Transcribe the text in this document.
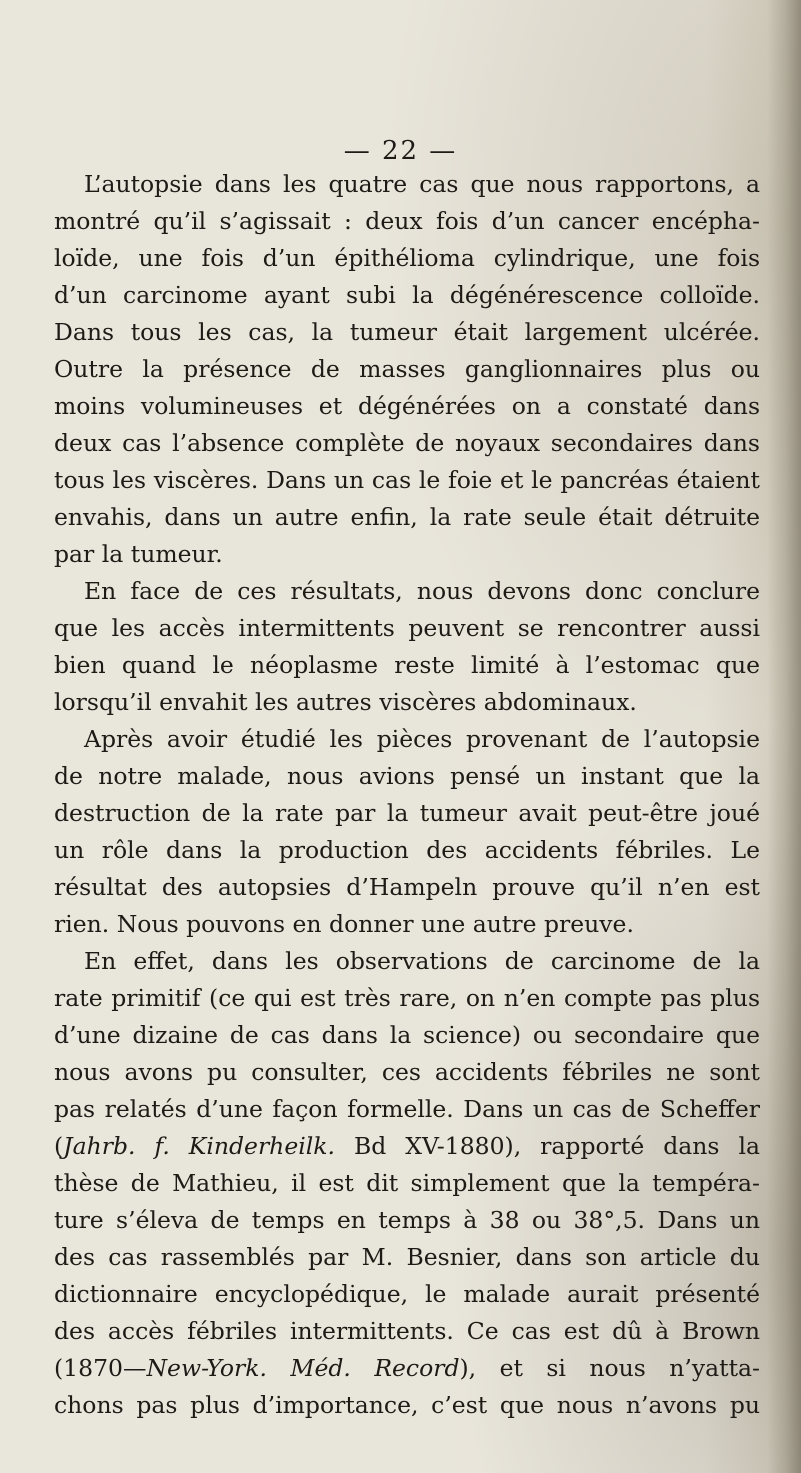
— 22 —
L’autopsie dans les quatre cas que nous rapportons, a
montré qu’il s’agissait : deux fois d’un cancer encépha-
loïde, une fois d’un épithélioma cylindrique, une fois
d’un carcinome ayant subi la dégénérescence colloïde.
Dans tous les cas, la tumeur était largement ulcérée.
Outre la présence de masses ganglionnaires plus ou
moins volumineuses et dégénérées on a constaté dans
deux cas l’absence complète de noyaux secondaires dans
tous les viscères. Dans un cas le foie et le pancréas étaient
envahis, dans un autre enfin, la rate seule était détruite
par la tumeur.
En face de ces résultats, nous devons donc conclure
que les accès intermittents peuvent se rencontrer aussi
bien quand le néoplasme reste limité à l’estomac que
lorsqu’il envahit les autres viscères abdominaux.
Après avoir étudié les pièces provenant de l’autopsie
de notre malade, nous avions pensé un instant que la
destruction de la rate par la tumeur avait peut-être joué
un rôle dans la production des accidents fébriles. Le
résultat des autopsies d’Hampeln prouve qu’il n’en est
rien. Nous pouvons en donner une autre preuve.
En effet, dans les observations de carcinome de la
rate primitif (ce qui est très rare, on n’en compte pas plus
d’une dizaine de cas dans la science) ou secondaire que
nous avons pu consulter, ces accidents fébriles ne sont
pas relatés d’une façon formelle. Dans un cas de Scheffer
(Jahrb. f. Kinderheilk. Bd XV-1880), rapporté dans la
thèse de Mathieu, il est dit simplement que la tempéra-
ture s’éleva de temps en temps à 38 ou 38°,5. Dans un
des cas rassemblés par M. Besnier, dans son article du
dictionnaire encyclopédique, le malade aurait présenté
des accès fébriles intermittents. Ce cas est dû à Brown
(1870—New-York. Méd. Record), et si nous n’yatta-
chons pas plus d’importance, c’est que nous n’avons pu
